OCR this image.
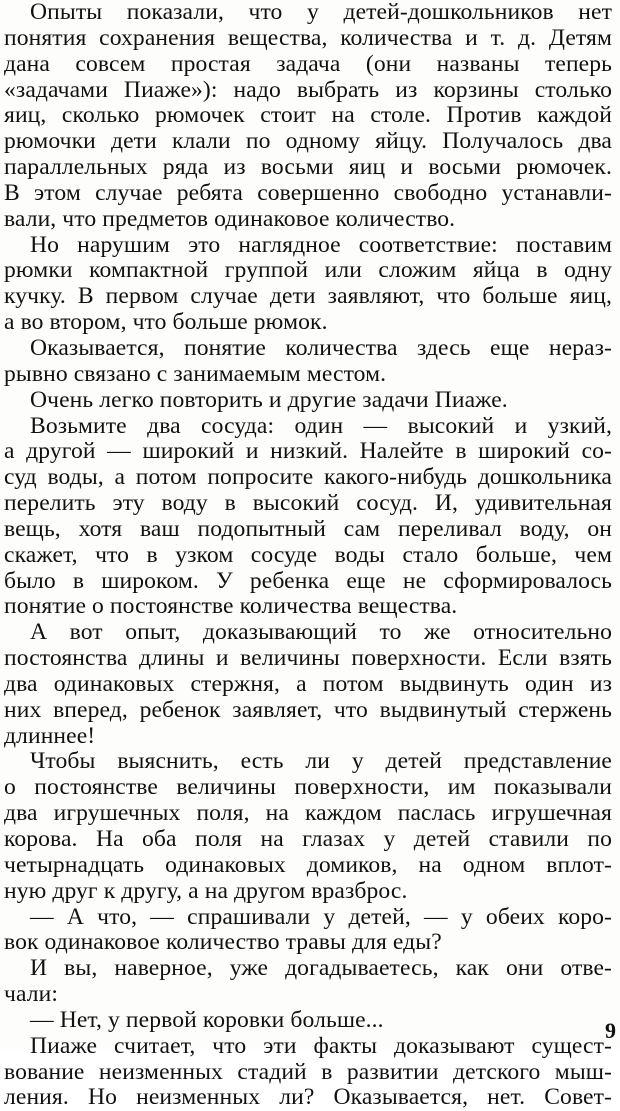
Опыты показали, что у детей-дошкольников нет
понятия сохранения вещества, количества и т. д. Детям
дана совсем простая задача (они названы теперь
«задачами Пиаже»): надо выбрать из корзины столько
яиц, сколько рюмочек стоит на столе. Против каждой
рюмочки дети клали по одному яйцу. Получалось два
параллельных ряда из восьми яиц и восьми рюмочек.
В этом случае ребята совершенно свободно устанавли-
вали, что предметов одинаковое количество.
Но нарушим это наглядное соответствие: поставим
рюмки компактной группой или сложим яйца в одну
кучку. В первом случае дети заявляют, что больше яиц,
а во втором, что больше рюмок.
Оказывается, понятие количества здесь еще нераз-
рывно связано с занимаемым местом.
Очень легко повторить и другие задачи Пиаже.
Возьмите два сосуда: один — высокий и узкий,
а другой — широкий и низкий. Налейте в широкий со-
суд воды, а потом попросите какого-нибудь дошкольника
перелить эту воду в высокий сосуд. И, удивительная
вещь, хотя ваш подопытный сам переливал воду, он
скажет, что в узком сосуде воды стало больше, чем
было в широком. У ребенка еще не сформировалось
понятие о постоянстве количества вещества.
А вот опыт, доказывающий то же относительно
постоянства длины и величины поверхности. Если взять
два одинаковых стержня, а потом выдвинуть один из
них вперед, ребенок заявляет, что выдвинутый стержень
длиннее!
Чтобы выяснить, есть ли у детей представление
о постоянстве величины поверхности, им показывали
два игрушечных поля, на каждом паслась игрушечная
корова. На оба поля на глазах у детей ставили по
четырнадцать одинаковых домиков, на одном вплот-
ную друг к другу, а на другом вразброс.
— А что, — спрашивали у детей, — у обеих коро-
вок одинаковое количество травы для еды?
И вы, наверное, уже догадываетесь, как они отве-
чали:
— Нет, у первой коровки больше...
Пиаже считает, что эти факты доказывают сущест-
вование неизменных стадий в развитии детского мыш-
ления. Но неизменных ли? Оказывается, нет. Совет-
9
